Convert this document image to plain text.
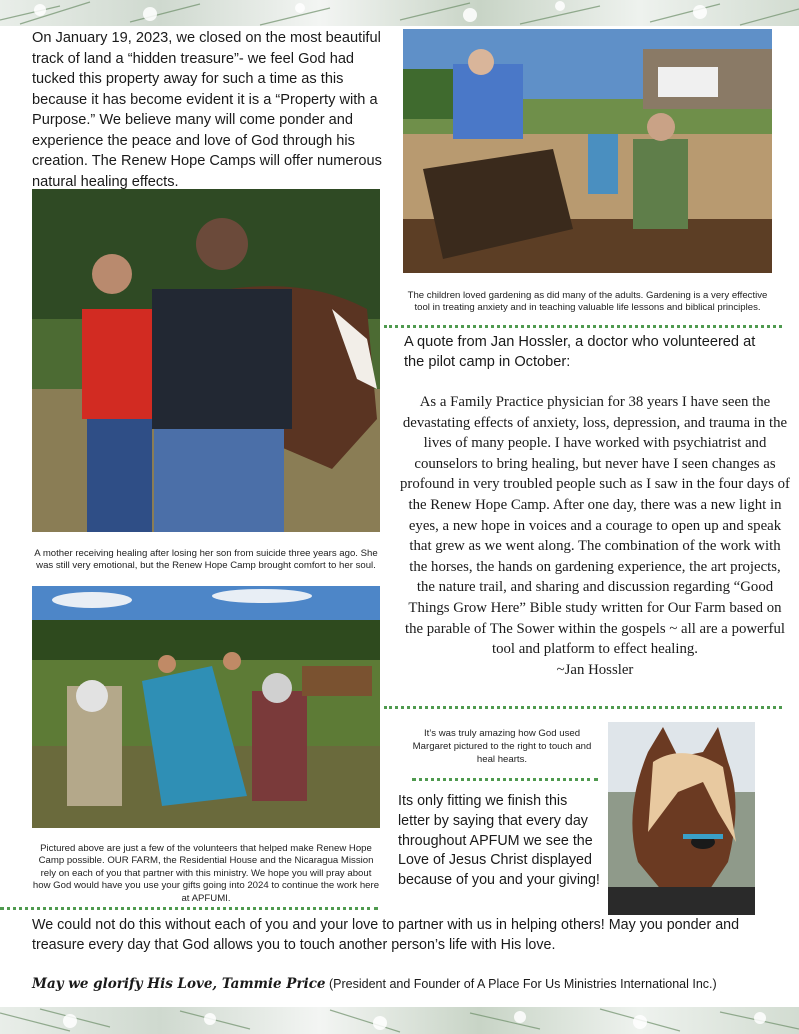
On January 19, 2023, we closed on the most beautiful track of land a “hidden treasure”- we feel God had tucked this property away for such a time as this because it has become evident it is a “Property with a Purpose.” We believe many will come ponder and experience the peace and love of God through his creation. The Renew Hope Camps will offer numerous natural healing effects.

The children loved gardening as did many of the adults. Gardening is a very effective tool in treating anxiety and in teaching valuable life lessons and biblical principles.

A mother receiving healing after losing her son from suicide three years ago. She was still very emotional, but the Renew Hope Camp brought comfort to her soul.

Pictured above are just a few of the volunteers that helped make Renew Hope Camp possible. OUR FARM, the Residential House and the Nicaragua Mission rely on each of you that partner with this ministry. We hope you will pray about how God would have you use your gifts going into 2024 to continue the work here at APFUMI.

A quote from Jan Hossler, a doctor who volunteered at the pilot camp in October:

As a Family Practice physician for 38 years I have seen the devastating effects of anxiety, loss, depression, and trauma in the lives of many people. I have worked with psychiatrist and counselors to bring healing, but never have I seen changes as profound in very troubled people such as I saw in the four days of the Renew Hope Camp. After one day, there was a new light in eyes, a new hope in voices and a courage to open up and speak that grew as we went along. The combination of the work with the horses, the hands on gardening experience, the art projects, the nature trail, and sharing and discussion regarding “Good Things Grow Here” Bible study written for Our Farm based on the parable of The Sower within the gospels ~ all are a powerful tool and platform to effect healing.
~Jan Hossler

It’s was truly amazing how God used Margaret pictured to the right to touch and heal hearts.

Its only fitting we finish this letter by saying that every day throughout APFUM we see the Love of Jesus Christ displayed because of you and your giving!

We could not do this without each of you and your love to partner with us in helping others! May you ponder and treasure every day that God allows you to touch another person’s life with His love.

May we glorify His Love, Tammie Price (President and Founder of A Place For Us Ministries International Inc.)
